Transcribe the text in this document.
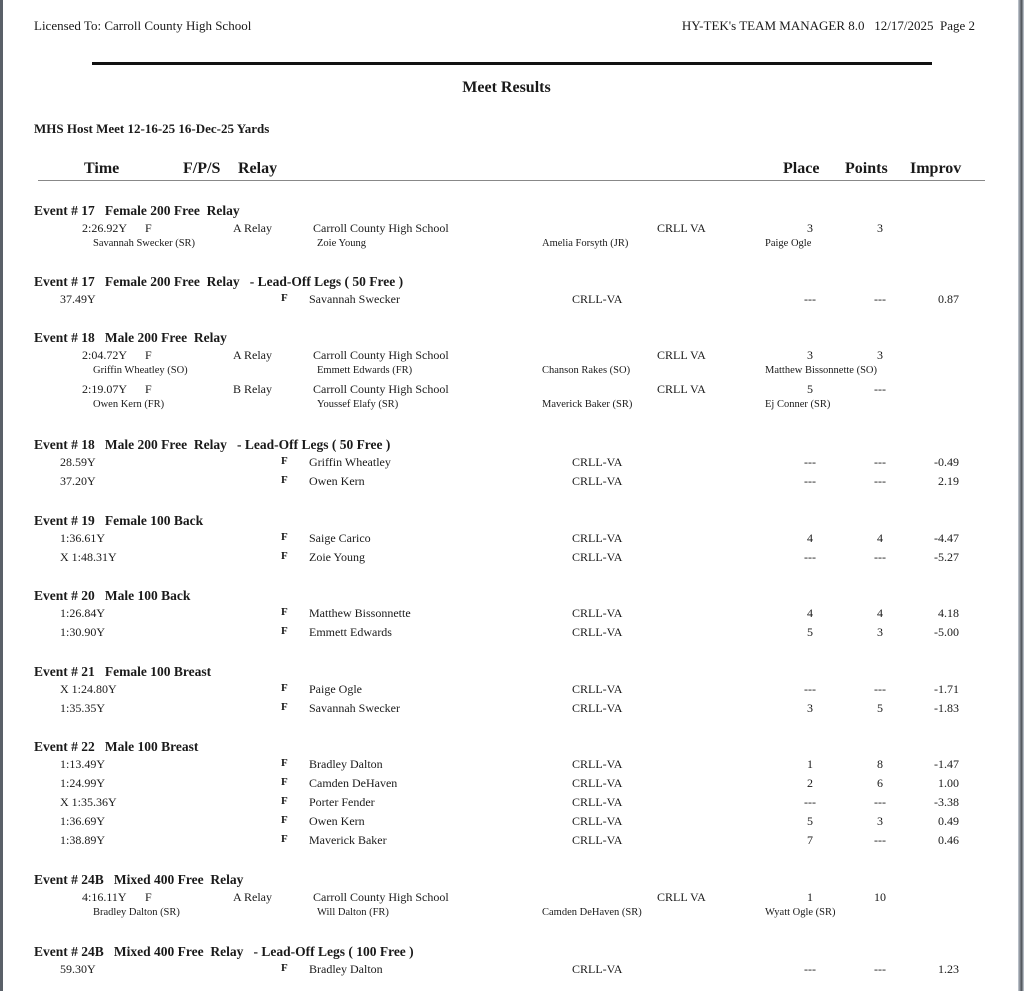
Licensed To: Carroll County High School	HY-TEK's TEAM MANAGER 8.0   12/17/2025  Page 2
Meet Results
MHS Host Meet 12-16-25 16-Dec-25 Yards
Time	F/P/S Relay	Place Points Improv
Event # 17   Female 200 Free  Relay
2:26.92Y F	A Relay	Carroll County High School	CRLL VA	3	3
Savannah Swecker (SR)	Zoie Young	Amelia Forsyth (JR)	Paige Ogle
Event # 17   Female 200 Free  Relay   - Lead-Off Legs ( 50 Free )
37.49Y	F Savannah Swecker	CRLL-VA	---	---	0.87
Event # 18   Male 200 Free  Relay
2:04.72Y F	A Relay	Carroll County High School	CRLL VA	3	3
Griffin Wheatley (SO)	Emmett Edwards (FR)	Chanson Rakes (SO)	Matthew Bissonnette (SO)
2:19.07Y F	B Relay	Carroll County High School	CRLL VA	5	---
Owen Kern (FR)	Youssef Elafy (SR)	Maverick Baker (SR)	Ej Conner (SR)
Event # 18   Male 200 Free  Relay   - Lead-Off Legs ( 50 Free )
28.59Y	F Griffin Wheatley	CRLL-VA	---	---	-0.49
37.20Y	F Owen Kern	CRLL-VA	---	---	2.19
Event # 19   Female 100 Back
1:36.61Y	F Saige Carico	CRLL-VA	4	4	-4.47
X 1:48.31Y	F Zoie Young	CRLL-VA	---	---	-5.27
Event # 20   Male 100 Back
1:26.84Y	F Matthew Bissonnette	CRLL-VA	4	4	4.18
1:30.90Y	F Emmett Edwards	CRLL-VA	5	3	-5.00
Event # 21   Female 100 Breast
X 1:24.80Y	F Paige Ogle	CRLL-VA	---	---	-1.71
1:35.35Y	F Savannah Swecker	CRLL-VA	3	5	-1.83
Event # 22   Male 100 Breast
1:13.49Y	F Bradley Dalton	CRLL-VA	1	8	-1.47
1:24.99Y	F Camden DeHaven	CRLL-VA	2	6	1.00
X 1:35.36Y	F Porter Fender	CRLL-VA	---	---	-3.38
1:36.69Y	F Owen Kern	CRLL-VA	5	3	0.49
1:38.89Y	F Maverick Baker	CRLL-VA	7	---	0.46
Event # 24B   Mixed 400 Free  Relay
4:16.11Y F	A Relay	Carroll County High School	CRLL VA	1	10
Bradley Dalton (SR)	Will Dalton (FR)	Camden DeHaven (SR)	Wyatt Ogle (SR)
Event # 24B   Mixed 400 Free  Relay   - Lead-Off Legs ( 100 Free )
59.30Y	F Bradley Dalton	CRLL-VA	---	---	1.23
